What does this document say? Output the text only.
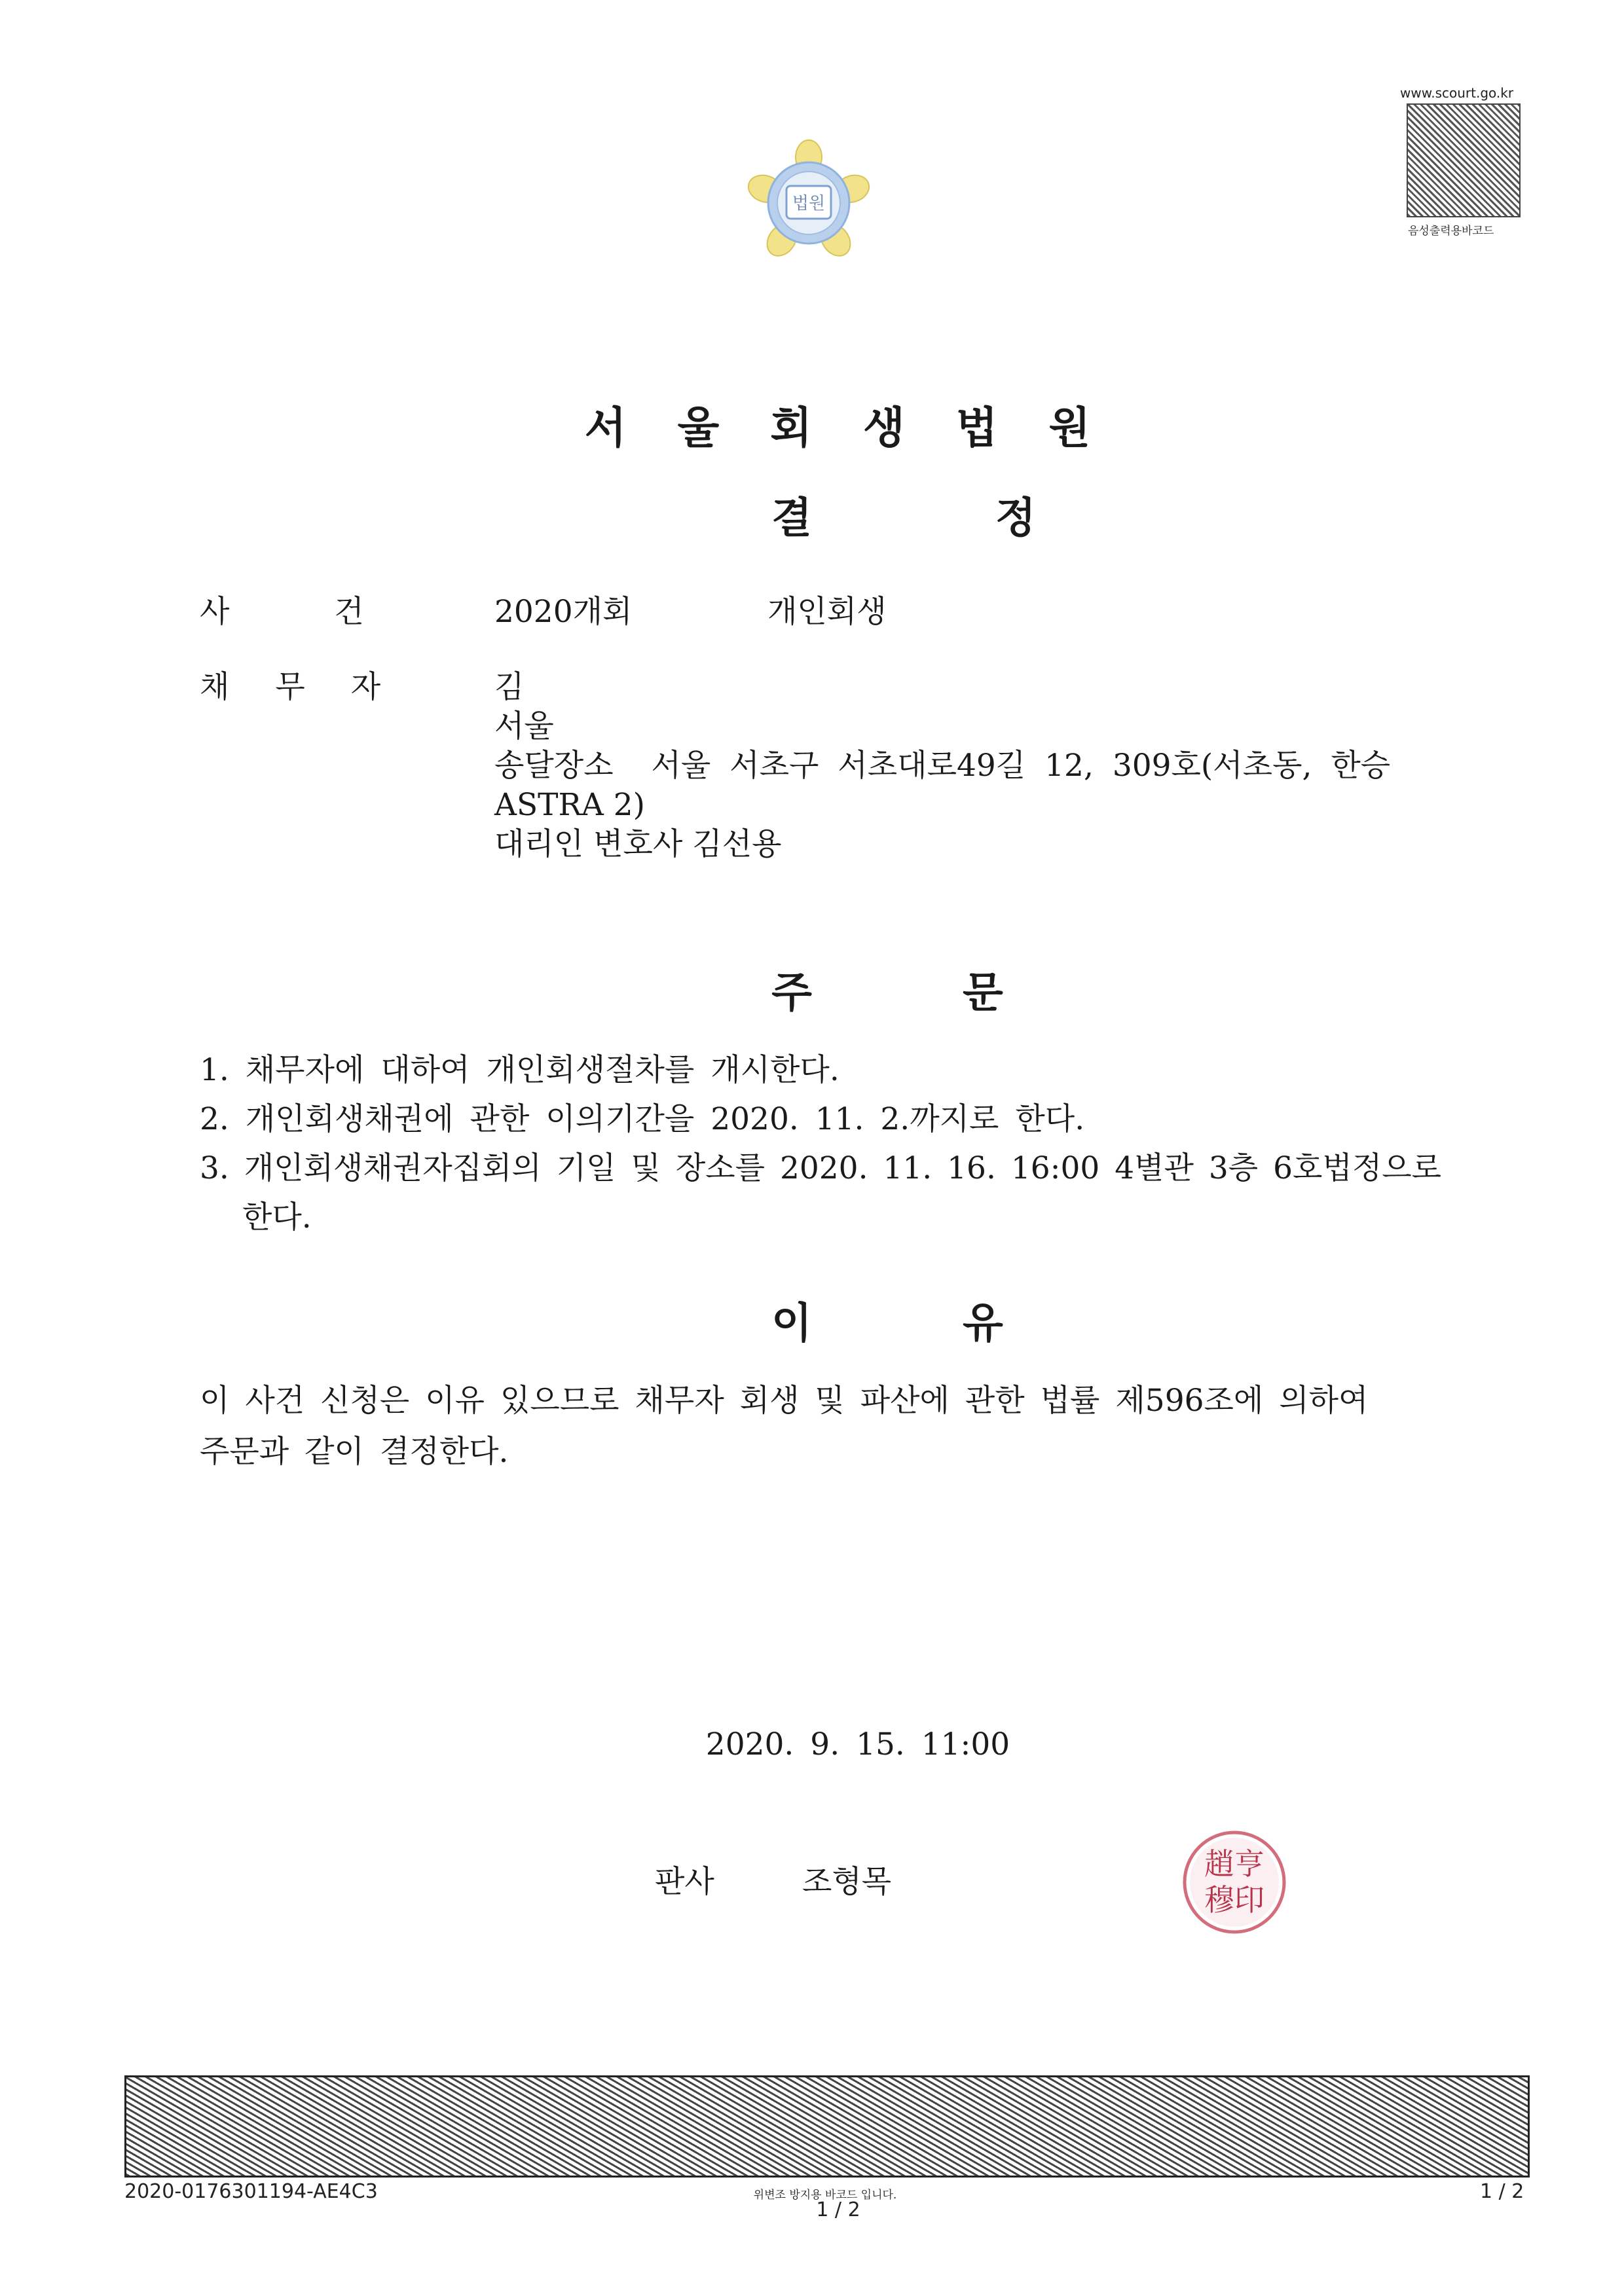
법원
www.scourt.go.kr
음성출력용바코드
서울회생법원
결정
사건 2020개회	개인회생
채무자 김
서울
송달장소  서울 서초구 서초대로49길 12, 309호(서초동, 한승
ASTRA 2)
대리인 변호사 김선용
주문
1. 채무자에 대하여 개인회생절차를 개시한다.
2. 개인회생채권에 관한 이의기간을 2020. 11. 2.까지로 한다.
3. 개인회생채권자집회의 기일 및 장소를 2020. 11. 16. 16:00 4별관 3층 6호법정으로
한다.
이유
이 사건 신청은 이유 있으므로 채무자 회생 및 파산에 관한 법률 제596조에 의하여
주문과 같이 결정한다.
2020. 9. 15. 11:00
판사	조형목	趙亨穆印
2020-0176301194-AE4C3	위변조 방지용 바코드 입니다.
1 / 2
1 / 2
